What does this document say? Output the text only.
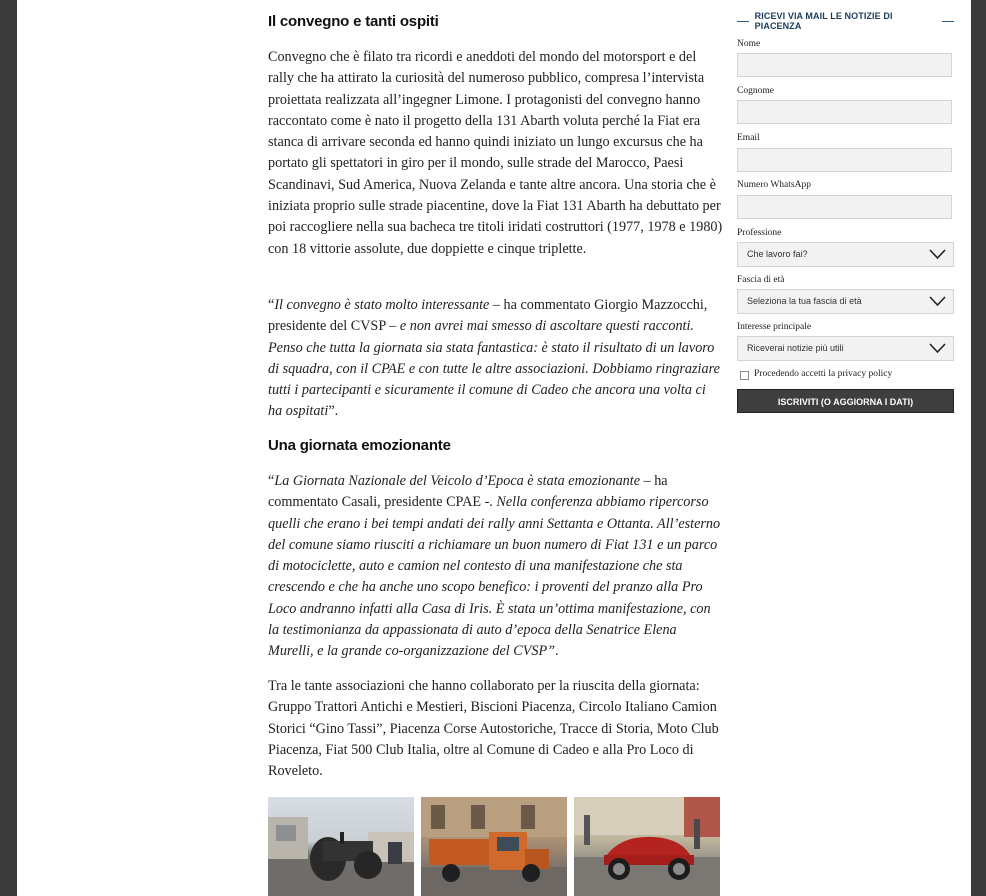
Il convegno e tanti ospiti

Convegno che è filato tra ricordi e aneddoti del mondo del motorsport e del rally che ha attirato la curiosità del numeroso pubblico, compresa l’intervista proiettata realizzata all’ingegner Limone. I protagonisti del convegno hanno raccontato come è nato il progetto della 131 Abarth voluta perché la Fiat era stanca di arrivare seconda ed hanno quindi iniziato un lungo excursus che ha portato gli spettatori in giro per il mondo, sulle strade del Marocco, Paesi Scandinavi, Sud America, Nuova Zelanda e tante altre ancora. Una storia che è iniziata proprio sulle strade piacentine, dove la Fiat 131 Abarth ha debuttato per poi raccogliere nella sua bacheca tre titoli iridati costruttori (1977, 1978 e 1980) con 18 vittorie assolute, due doppiette e cinque triplette.

“Il convegno è stato molto interessante – ha commentato Giorgio Mazzocchi, presidente del CVSP – e non avrei mai smesso di ascoltare questi racconti. Penso che tutta la giornata sia stata fantastica: è stato il risultato di un lavoro di squadra, con il CPAE e con tutte le altre associazioni. Dobbiamo ringraziare tutti i partecipanti e sicuramente il comune di Cadeo che ancora una volta ci ha ospitati”.

Una giornata emozionante

“La Giornata Nazionale del Veicolo d’Epoca è stata emozionante – ha commentato Casali, presidente CPAE -. Nella conferenza abbiamo ripercorso quelli che erano i bei tempi andati dei rally anni Settanta e Ottanta. All’esterno del comune siamo riusciti a richiamare un buon numero di Fiat 131 e un parco di motociclette, auto e camion nel contesto di una manifestazione che sta crescendo e che ha anche uno scopo benefico: i proventi del pranzo alla Pro Loco andranno infatti alla Casa di Iris. È stata un’ottima manifestazione, con la testimonianza da appassionata di auto d’epoca della Senatrice Elena Murelli, e la grande co-organizzazione del CVSP”.

Tra le tante associazioni che hanno collaborato per la riuscita della giornata: Gruppo Trattori Antichi e Mestieri, Biscioni Piacenza, Circolo Italiano Camion Storici “Gino Tassi”, Piacenza Corse Autostoriche, Tracce di Storia, Moto Club Piacenza, Fiat 500 Club Italia, oltre al Comune di Cadeo e alla Pro Loco di Roveleto.

RICEVI VIA MAIL LE NOTIZIE DI PIACENZA
Nome
Cognome
Email
Numero WhatsApp
Professione
Che lavoro fai?
Fascia di età
Seleziona la tua fascia di età
Interesse principale
Riceverai notizie più utili
Procedendo accetti la privacy policy
ISCRIVITI (O AGGIORNA I DATI)
